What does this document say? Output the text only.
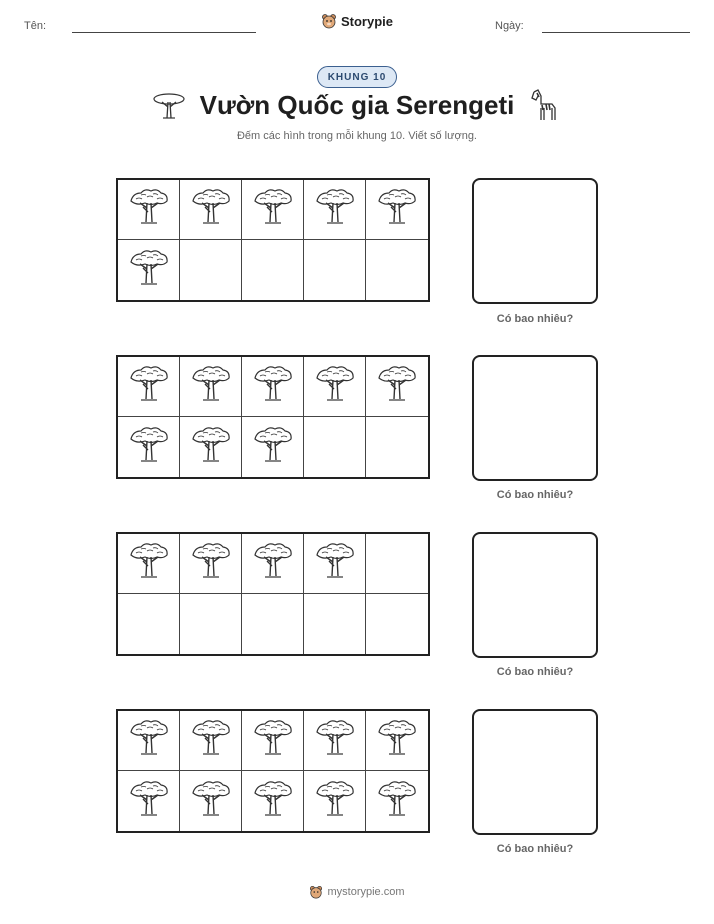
Tên:	Storypie	Ngày:
KHUNG 10
Vườn Quốc gia Serengeti
Đếm các hình trong mỗi khung 10. Viết số lượng.
Có bao nhiêu?
Có bao nhiêu?
Có bao nhiêu?
Có bao nhiêu?
mystorypie.com
